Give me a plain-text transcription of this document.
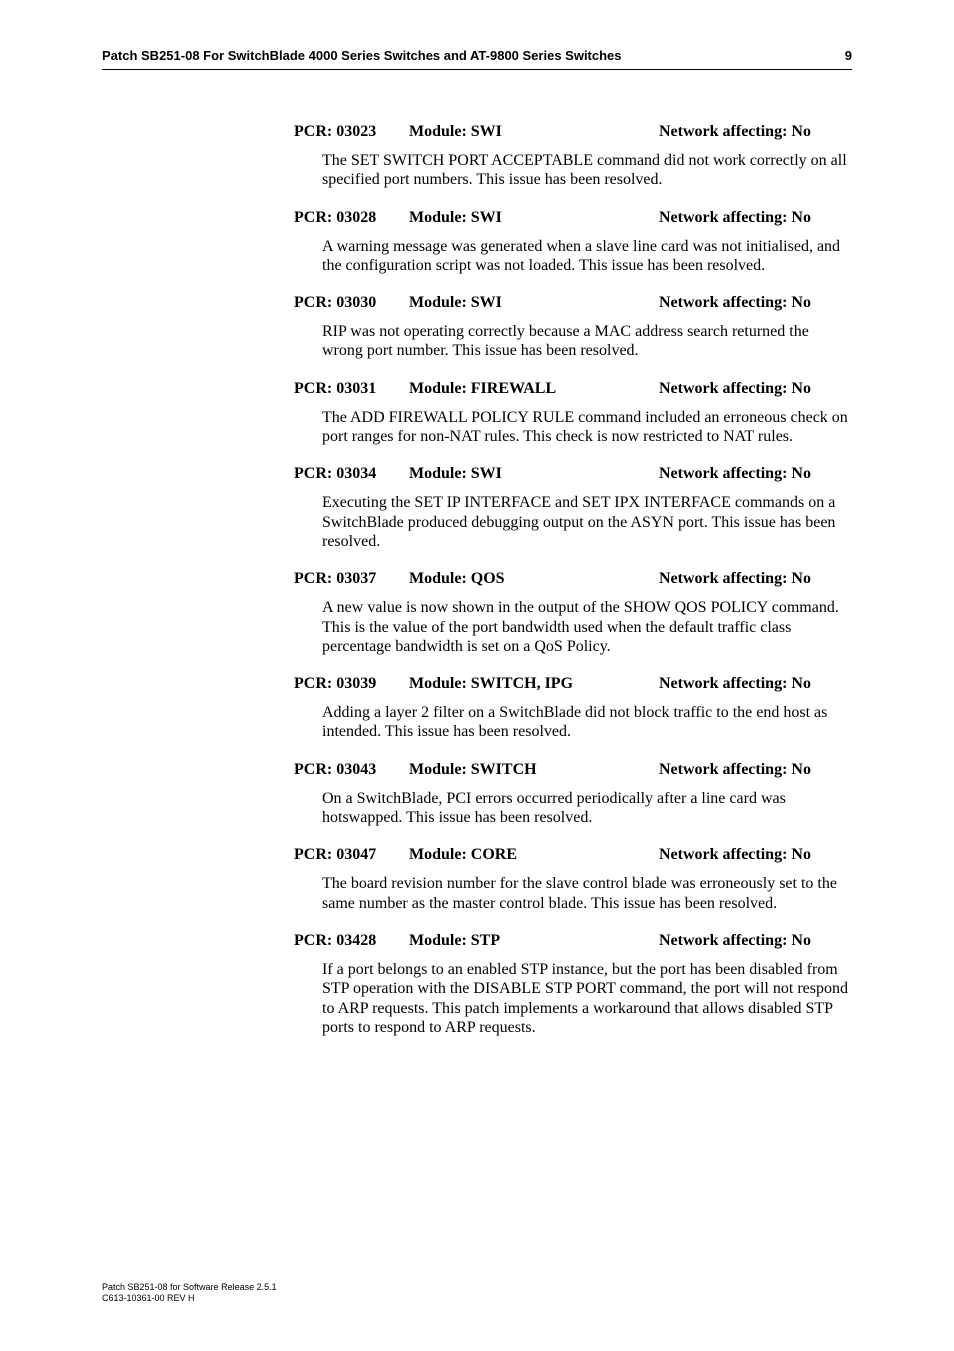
Patch SB251-08 For SwitchBlade 4000 Series Switches and AT-9800 Series Switches	9
PCR: 03023 Module: SWI	Network affecting: No
The SET SWITCH PORT ACCEPTABLE command did not work correctly on all specified port numbers. This issue has been resolved.
PCR: 03028 Module: SWI	Network affecting: No
A warning message was generated when a slave line card was not initialised, and the configuration script was not loaded. This issue has been resolved.
PCR: 03030 Module: SWI	Network affecting: No
RIP was not operating correctly because a MAC address search returned the wrong port number. This issue has been resolved.
PCR: 03031 Module: FIREWALL	Network affecting: No
The ADD FIREWALL POLICY RULE command included an erroneous check on port ranges for non-NAT rules. This check is now restricted to NAT rules.
PCR: 03034 Module: SWI	Network affecting: No
Executing the SET IP INTERFACE and SET IPX INTERFACE commands on a SwitchBlade produced debugging output on the ASYN port. This issue has been resolved.
PCR: 03037 Module: QOS	Network affecting: No
A new value is now shown in the output of the SHOW QOS POLICY command. This is the value of the port bandwidth used when the default traffic class percentage bandwidth is set on a QoS Policy.
PCR: 03039 Module: SWITCH, IPG	Network affecting: No
Adding a layer 2 filter on a SwitchBlade did not block traffic to the end host as intended. This issue has been resolved.
PCR: 03043 Module: SWITCH	Network affecting: No
On a SwitchBlade, PCI errors occurred periodically after a line card was hotswapped. This issue has been resolved.
PCR: 03047 Module: CORE	Network affecting: No
The board revision number for the slave control blade was erroneously set to the same number as the master control blade. This issue has been resolved.
PCR: 03428 Module: STP	Network affecting: No
If a port belongs to an enabled STP instance, but the port has been disabled from STP operation with the DISABLE STP PORT command, the port will not respond to ARP requests. This patch implements a workaround that allows disabled STP ports to respond to ARP requests.
Patch SB251-08 for Software Release 2.5.1
C613-10361-00 REV H
